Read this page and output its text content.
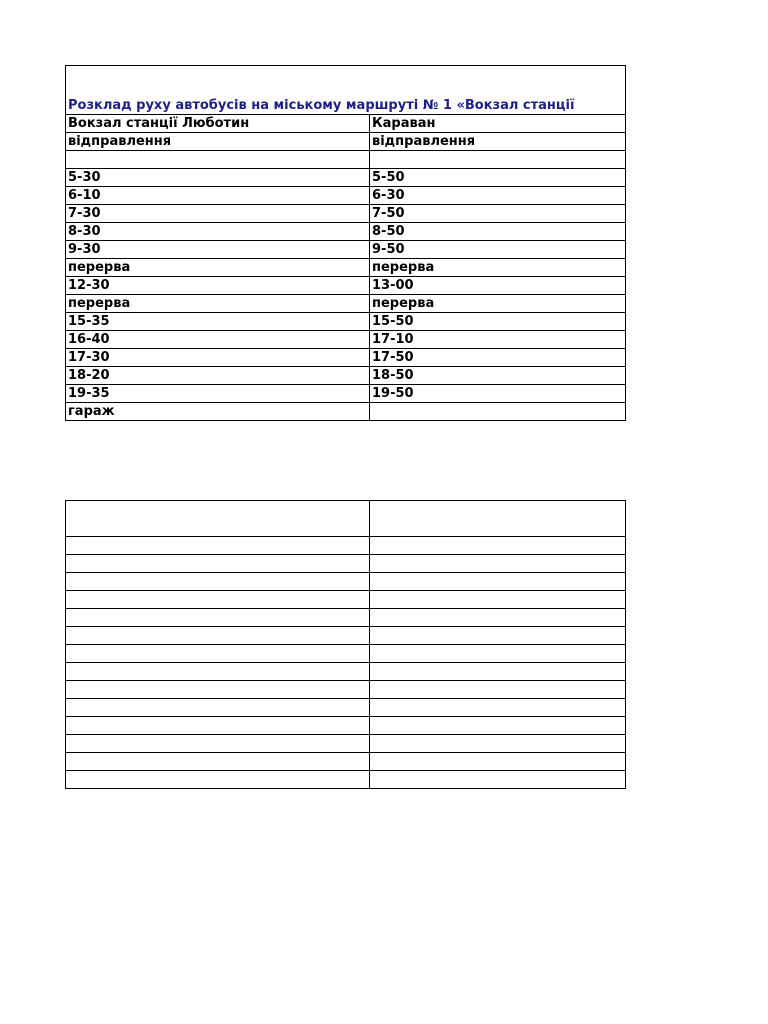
Розклад руху автобусів на міському маршруті № 1 «Вокзал станції	
Вокзал станції Люботин	Караван
відправлення	відправлення

5-30	5-50
6-10	6-30
7-30	7-50
8-30	8-50
9-30	9-50
перерва	перерва
12-30	13-00
перерва	перерва
15-35	15-50
16-40	17-10
17-30	17-50
18-20	18-50
19-35	19-50
гараж	
